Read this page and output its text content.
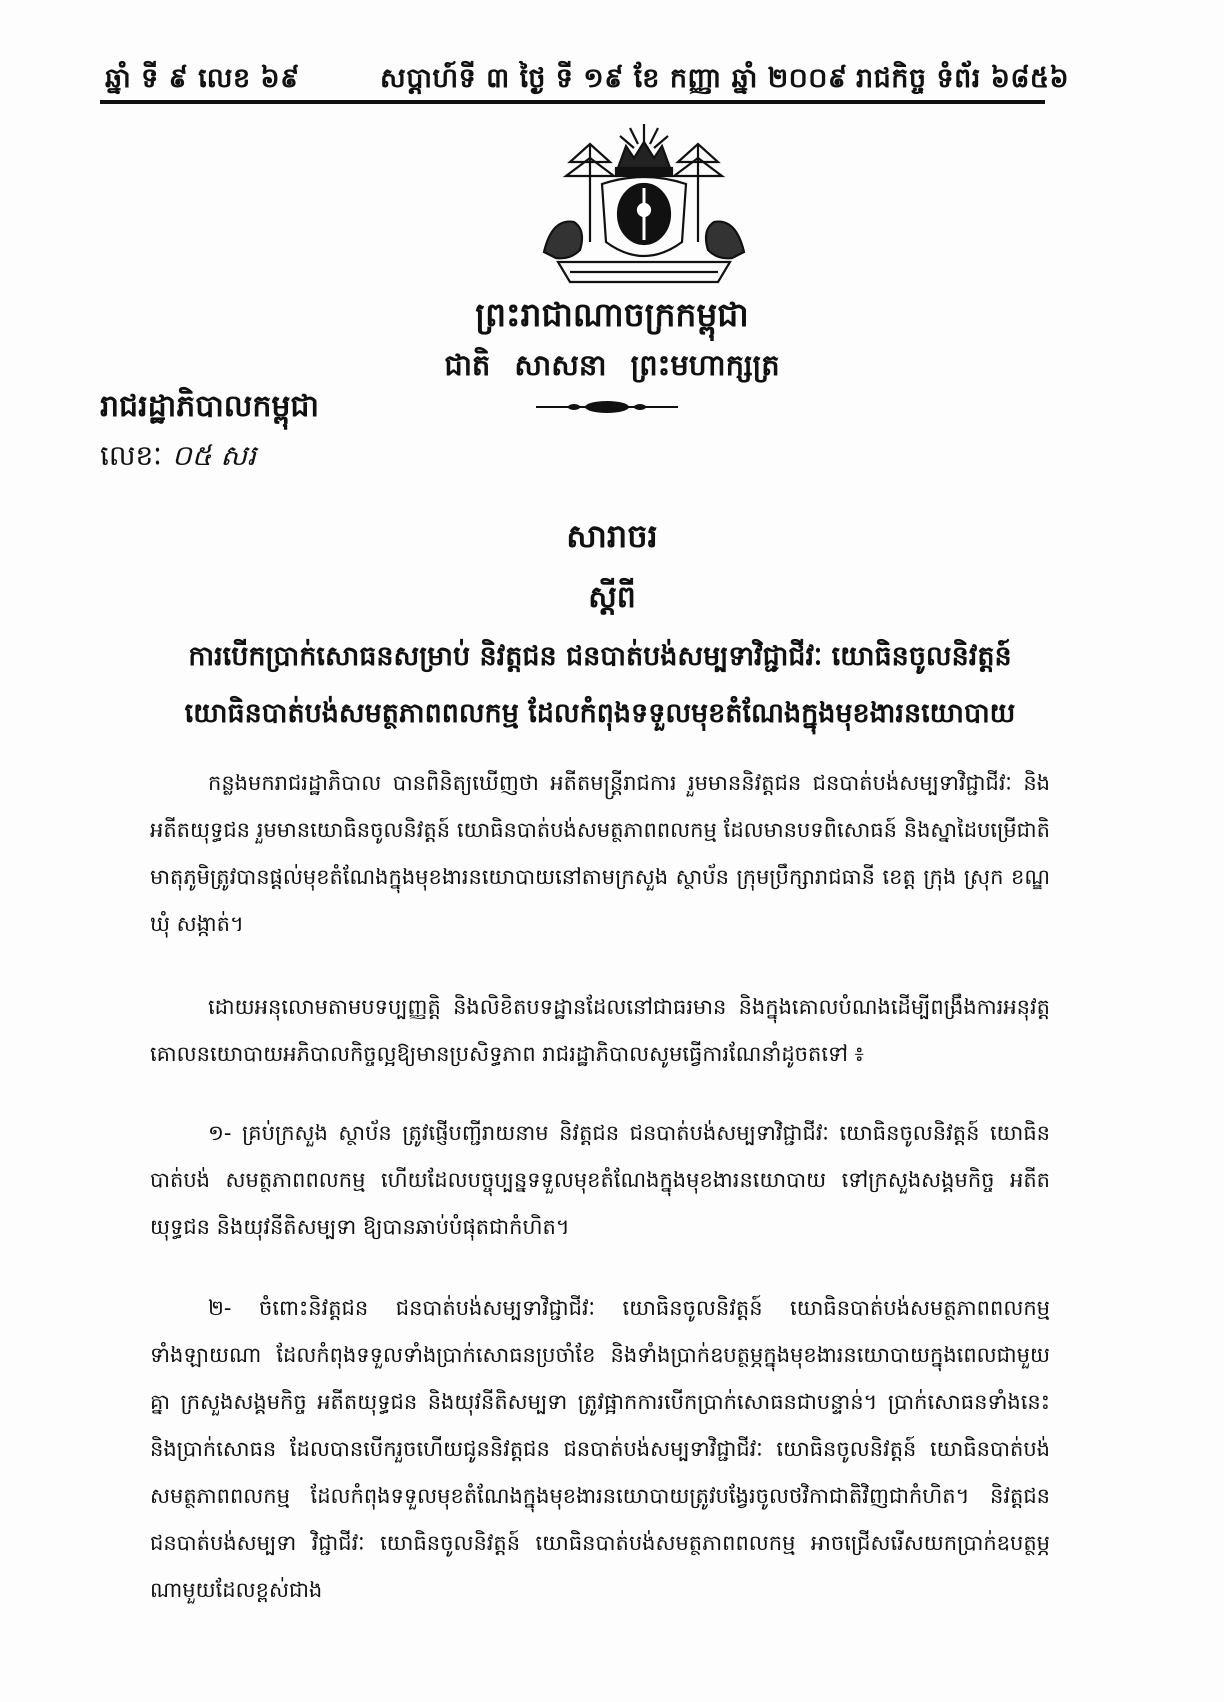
ឆ្នាំ ទី ៩ លេខ ៦៩	សប្តាហ៍ទី ៣ ថ្ងៃ ទី ១៩ ខែ កញ្ញា ឆ្នាំ ២០០៩ រាជកិច្ច ទំព័រ ៦៨៥៦
ព្រះរាជាណាចក្រកម្ពុជា
ជាតិ សាសនា ព្រះមហាក្សត្រ
រាជរដ្ឋាភិបាលកម្ពុជា
លេខៈ ០៥ សរ
សារាចរ
ស្តីពី
ការបើកប្រាក់សោធនសម្រាប់ និវត្តជន ជនបាត់បង់សម្បទាវិជ្ជាជីវៈ យោធិនចូលនិវត្តន៍
យោធិនបាត់បង់សមត្ថភាពពលកម្ម ដែលកំពុងទទួលមុខតំណែងក្នុងមុខងារនយោបាយ

កន្លងមករាជរដ្ឋាភិបាល បានពិនិត្យឃើញថា អតីតមន្ត្រីរាជការ រួមមាននិវត្តជន ជនបាត់បង់សម្បទាវិជ្ជាជីវៈ និង អតីតយុទ្ធជន រួមមានយោធិនចូលនិវត្តន៍ យោធិនបាត់បង់សមត្ថភាពពលកម្ម ដែលមានបទពិសោធន៍ និងស្នាដៃបម្រើជាតិ មាតុភូមិត្រូវបានផ្តល់មុខតំណែងក្នុងមុខងារនយោបាយនៅតាមក្រសួង ស្ថាប័ន ក្រុមប្រឹក្សារាជធានី ខេត្ត ក្រុង ស្រុក ខណ្ឌ ឃុំ សង្កាត់។

ដោយអនុលោមតាមបទប្បញ្ញត្តិ និងលិខិតបទដ្ឋានដែលនៅជាធរមាន និងក្នុងគោលបំណងដើម្បីពង្រឹងការអនុវត្ត គោលនយោបាយអភិបាលកិច្ចល្អឱ្យមានប្រសិទ្ធភាព រាជរដ្ឋាភិបាលសូមធ្វើការណែនាំដូចតទៅ ៖

១- គ្រប់ក្រសួង ស្ថាប័ន ត្រូវផ្ញើបញ្ជីរាយនាម និវត្តជន ជនបាត់បង់សម្បទាវិជ្ជាជីវៈ យោធិនចូលនិវត្តន៍ យោធិនបាត់បង់ សមត្ថភាពពលកម្ម ហើយដែលបច្ចុប្បន្នទទួលមុខតំណែងក្នុងមុខងារនយោបាយ ទៅក្រសួងសង្គមកិច្ច អតីតយុទ្ធជន និងយុវនីតិសម្បទា ឱ្យបានឆាប់បំផុតជាកំហិត។

២- ចំពោះនិវត្តជន ជនបាត់បង់សម្បទាវិជ្ជាជីវៈ យោធិនចូលនិវត្តន៍ យោធិនបាត់បង់សមត្ថភាពពលកម្មទាំងឡាយណា ដែលកំពុងទទួលទាំងប្រាក់សោធនប្រចាំខែ និងទាំងប្រាក់ឧបត្ថម្ភក្នុងមុខងារនយោបាយក្នុងពេលជាមួយគ្នា ក្រសួងសង្គមកិច្ច អតីតយុទ្ធជន និងយុវនីតិសម្បទា ត្រូវផ្អាកការបើកប្រាក់សោធនជាបន្ទាន់។ ប្រាក់សោធនទាំងនេះ និងប្រាក់សោធន ដែលបានបើករួចហើយជូននិវត្តជន ជនបាត់បង់សម្បទាវិជ្ជាជីវៈ យោធិនចូលនិវត្តន៍ យោធិនបាត់បង់សមត្ថភាពពលកម្ម ដែលកំពុងទទួលមុខតំណែងក្នុងមុខងារនយោបាយត្រូវបង្វែរចូលថវិកាជាតិវិញជាកំហិត។ និវត្តជន ជនបាត់បង់សម្បទា វិជ្ជាជីវៈ យោធិនចូលនិវត្តន៍ យោធិនបាត់បង់សមត្ថភាពពលកម្ម អាចជ្រើសរើសយកប្រាក់ឧបត្ថម្ភណាមួយដែលខ្ពស់ជាង
